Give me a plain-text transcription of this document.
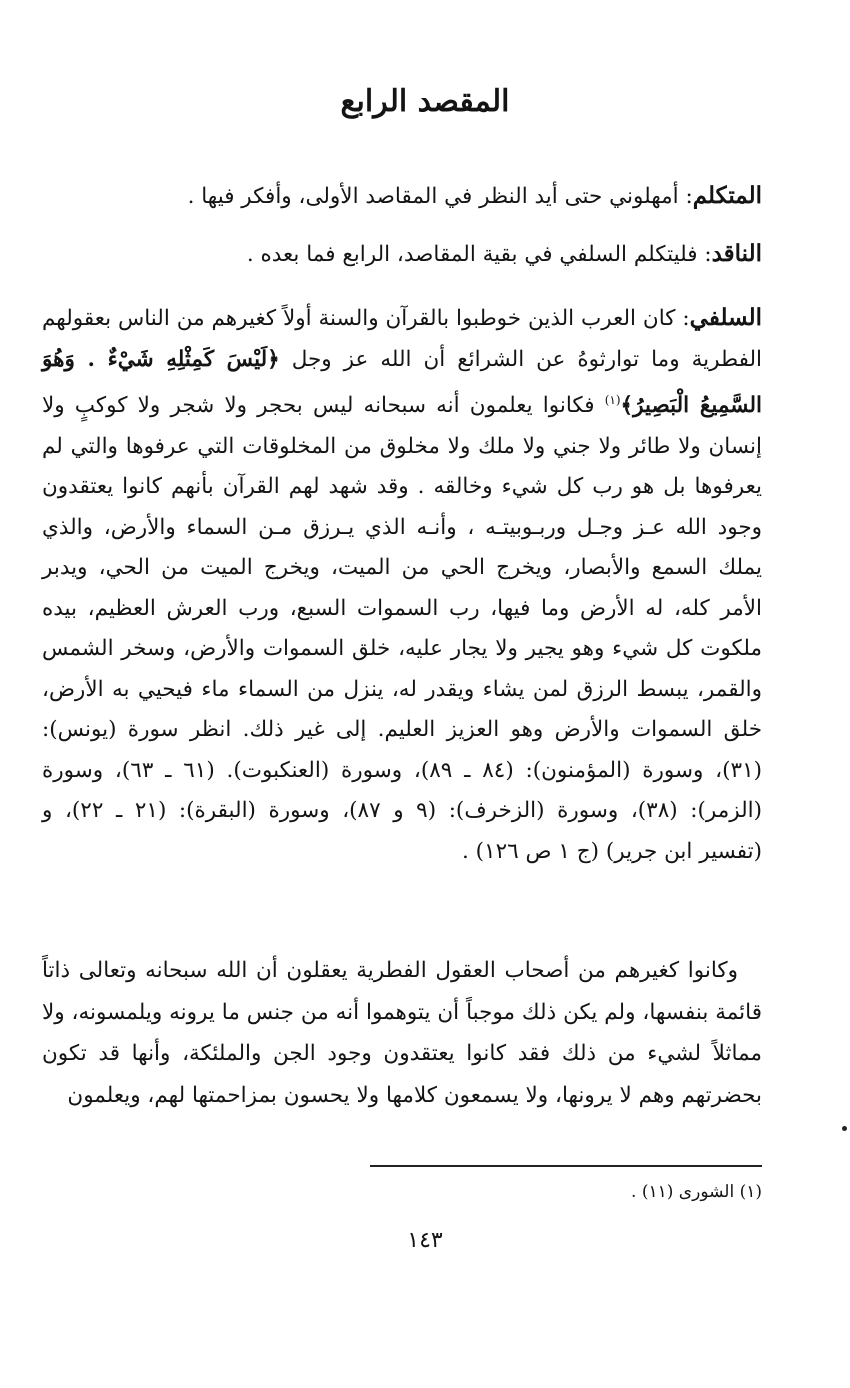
المقصد الرابع

المتكلم: أمهلوني حتى أيد النظر في المقاصد الأولى، وأفكر فيها .

الناقد: فليتكلم السلفي في بقية المقاصد، الرابع فما بعده .

السلفي: كان العرب الذين خوطبوا بالقرآن والسنة أولاً كغيرهم من الناس بعقولهم الفطرية وما توارثوهُ عن الشرائع أن الله عز وجل ﴿لَيْسَ كَمِثْلِهِ شَيْءٌ . وَهُوَ السَّمِيعُ الْبَصِيرُ﴾$^{(١)}$ فكانوا يعلمون أنه سبحانه ليس بحجر ولا شجر ولا كوكبٍ ولا إنسان ولا طائر ولا جني ولا ملك ولا مخلوق من المخلوقات التي عرفوها والتي لم يعرفوها بل هو رب كل شيء وخالقه . وقد شهد لهم القرآن بأنهم كانوا يعتقدون وجود الله عـز وجـل وربـوبيتـه ، وأنـه الذي يـرزق مـن السماء والأرض، والذي يملك السمع والأبصار، ويخرج الحي من الميت، ويخرج الميت من الحي، ويدبر الأمر كله، له الأرض وما فيها، رب السموات السبع، ورب العرش العظيم، بيده ملكوت كل شيء وهو يجير ولا يجار عليه، خلق السموات والأرض، وسخر الشمس والقمر، يبسط الرزق لمن يشاء ويقدر له، ينزل من السماء ماء فيحيي به الأرض، خلق السموات والأرض وهو العزيز العليم. إلى غير ذلك. انظر سورة (يونس): (٣١)، وسورة (المؤمنون): (٨٤ ـ ٨٩)، وسورة (العنكبوت). (٦١ ـ ٦٣)، وسورة (الزمر): (٣٨)، وسورة (الزخرف): (٩ و ٨٧)، وسورة (البقرة): (٢١ ـ ٢٢)، و (تفسير ابن جرير) (ج ١ ص ١٢٦) .

وكانوا كغيرهم من أصحاب العقول الفطرية يعقلون أن الله سبحانه وتعالى ذاتاً قائمة بنفسها، ولم يكن ذلك موجباً أن يتوهموا أنه من جنس ما يرونه ويلمسونه، ولا مماثلاً لشيء من ذلك فقد كانوا يعتقدون وجود الجن والملئكة، وأنها قد تكون بحضرتهم وهم لا يرونها، ولا يسمعون كلامها ولا يحسون بمزاحمتها لهم، ويعلمون

(١) الشورى (١١) .
١٤٣
